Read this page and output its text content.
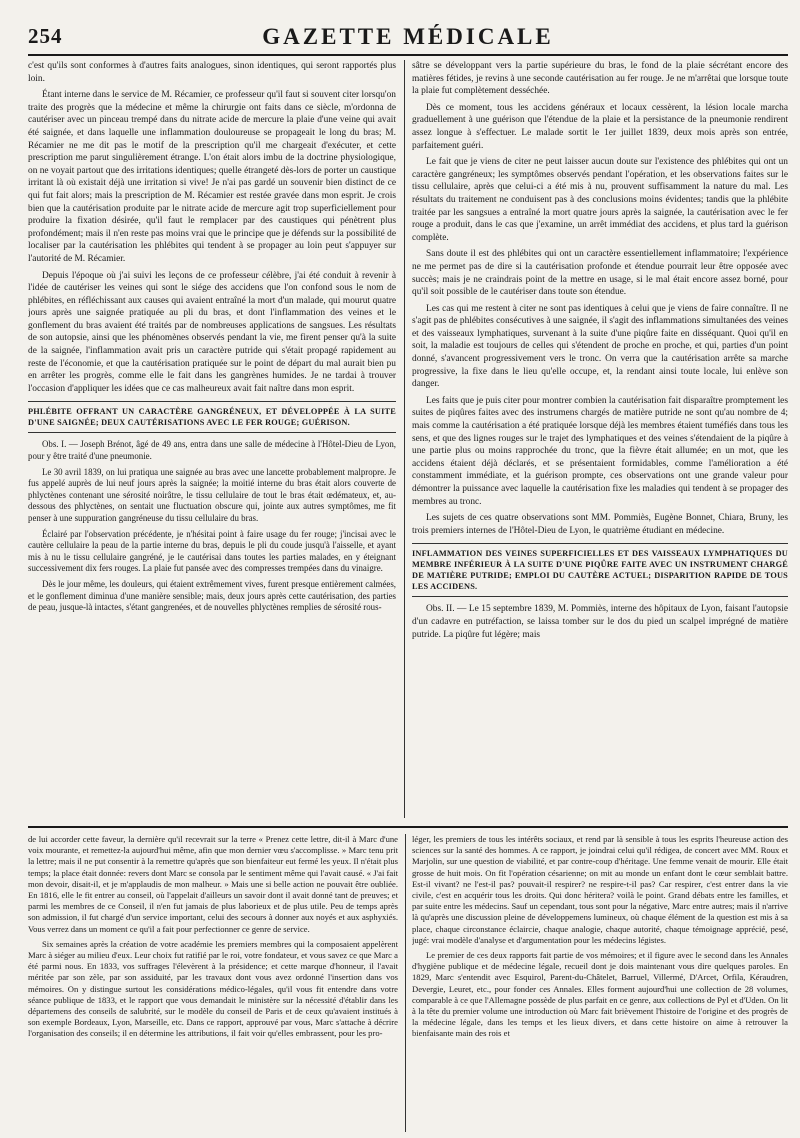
254	GAZETTE MÉDICALE

c'est qu'ils sont conformes à d'autres faits analogues, sinon identiques, qui seront rapportés plus loin.

Étant interne dans le service de M. Récamier, ce professeur qu'il faut si souvent citer lorsqu'on traite des progrès que la médecine et même la chirurgie ont faits dans ce siècle, m'ordonna de cautériser avec un pinceau trempé dans du nitrate acide de mercure la plaie d'une veine qui avait été saignée, et dans laquelle une inflammation douloureuse se propageait le long du bras; M. Récamier ne me dit pas le motif de la prescription qu'il me chargeait d'exécuter, et cette prescription me parut singulièrement étrange. L'on était alors imbu de la doctrine physiologique, on ne voyait partout que des irritations identiques; quelle étrangeté dès-lors de porter un caustique irritant là où existait déjà une irritation si vive! Je n'ai pas gardé un souvenir bien distinct de ce qui fut fait alors; mais la prescription de M. Récamier est restée gravée dans mon esprit. Je crois bien que la cautérisation produite par le nitrate acide de mercure agit trop superficiellement pour produire la fixation désirée, qu'il faut le remplacer par des caustiques qui pénètrent plus profondément; mais il n'en reste pas moins vrai que le principe que je défends sur la possibilité de localiser par la cautérisation les phlébites qui tendent à se propager au loin peut s'appuyer sur l'autorité de M. Récamier.

Depuis l'époque où j'ai suivi les leçons de ce professeur célèbre, j'ai été conduit à revenir à l'idée de cautériser les veines qui sont le siége des accidens que l'on confond sous le nom de phlébites, en réfléchissant aux causes qui avaient entraîné la mort d'un malade, qui mourut quatre jours après une saignée pratiquée au pli du bras, et dont l'inflammation des veines et le gonflement du bras avaient été traités par de nombreuses applications de sangsues. Les résultats de son autopsie, ainsi que les phénomènes observés pendant la vie, me firent penser qu'à la suite de la saignée, l'inflammation avait pris un caractère putride qui s'était propagé rapidement au reste de l'économie, et que la cautérisation pratiquée sur le point de départ du mal aurait bien pu en arrêter les progrès, comme elle le fait dans les gangrènes humides. Je ne tardai à trouver l'occasion d'appliquer les idées que ce cas malheureux avait fait naître dans mon esprit.

PHLÉBITE OFFRANT UN CARACTÈRE GANGRÉNEUX, ET DÉVELOPPÉE À LA SUITE D'UNE SAIGNÉE; DEUX CAUTÉRISATIONS AVEC LE FER ROUGE; GUÉRISON.

Obs. I. — Joseph Brénot, âgé de 49 ans, entra dans une salle de médecine à l'Hôtel-Dieu de Lyon, pour y être traité d'une pneumonie.

Le 30 avril 1839, on lui pratiqua une saignée au bras avec une lancette probablement malpropre. Je fus appelé auprès de lui neuf jours après la saignée; la moitié interne du bras était alors couverte de phlyctènes contenant une sérosité noirâtre, le tissu cellulaire de tout le bras était œdémateux, et, au-dessous des phlyctènes, on sentait une fluctuation obscure qui, jointe aux autres symptômes, me fit penser à une suppuration gangréneuse du tissu cellulaire du bras.

Éclairé par l'observation précédente, je n'hésitai point à faire usage du fer rouge; j'incisai avec le cautère cellulaire la peau de la partie interne du bras, depuis le pli du coude jusqu'à l'aisselle, et ayant mis à nu le tissu cellulaire gangréné, je le cautérisai dans toutes les parties malades, en y éteignant successivement dix fers rouges. La plaie fut pansée avec des compresses trempées dans du vinaigre.

Dès le jour même, les douleurs, qui étaient extrêmement vives, furent presque entièrement calmées, et le gonflement diminua d'une manière sensible; mais, deux jours après cette cautérisation, des parties de peau, jusque-là intactes, s'étant gangrenées, et de nouvelles phlyctènes remplies de sérosité rous-

sâtre se développant vers la partie supérieure du bras, le fond de la plaie sécrétant encore des matières fétides, je revins à une seconde cautérisation au fer rouge. Je ne m'arrêtai que lorsque toute la plaie fut complètement desséchée.

Dès ce moment, tous les accidens généraux et locaux cessèrent, la lésion locale marcha graduellement à une guérison que l'étendue de la plaie et la persistance de la pneumonie rendirent assez longue à s'effectuer. Le malade sortit le 1er juillet 1839, deux mois après son entrée, parfaitement guéri.

Le fait que je viens de citer ne peut laisser aucun doute sur l'existence des phlébites qui ont un caractère gangréneux; les symptômes observés pendant l'opération, et les observations faites sur le tissu cellulaire, après que celui-ci a été mis à nu, prouvent suffisamment la nature du mal. Les résultats du traitement ne conduisent pas à des conclusions moins évidentes; tandis que la phlébite traitée par les sangsues a entraîné la mort quatre jours après la saignée, la cautérisation avec le fer rouge a produit, dans le cas que j'examine, un arrêt immédiat des accidens, et plus tard la guérison complète.

Sans doute il est des phlébites qui ont un caractère essentiellement inflammatoire; l'expérience ne me permet pas de dire si la cautérisation profonde et étendue pourrait leur être opposée avec succès; mais je ne craindrais point de la mettre en usage, si le mal était encore assez borné, pour qu'il soit possible de le cautériser dans toute son étendue.

Les cas qui me restent à citer ne sont pas identiques à celui que je viens de faire connaître. Il ne s'agit pas de phlébites consécutives à une saignée, il s'agit des inflammations simultanées des veines et des vaisseaux lymphatiques, survenant à la suite d'une piqûre faite en disséquant. Quoi qu'il en soit, la maladie est toujours de celles qui s'étendent de proche en proche, et qui, parties d'un point donné, s'avancent progressivement vers le tronc. On verra que la cautérisation arrête sa marche progressive, la fixe dans le lieu qu'elle occupe, et, la rendant ainsi toute locale, lui enlève son danger.

Les faits que je puis citer pour montrer combien la cautérisation fait disparaître promptement les suites de piqûres faites avec des instrumens chargés de matière putride ne sont qu'au nombre de 4; mais comme la cautérisation a été pratiquée lorsque déjà les membres étaient tuméfiés dans tous les sens, et que des lignes rouges sur le trajet des lymphatiques et des veines s'étendaient de la piqûre à une partie plus ou moins rapprochée du tronc, que la fièvre était allumée; en un mot, que les accidens étaient déjà déclarés, et se présentaient formidables, comme l'amélioration a été constamment immédiate, et la guérison prompte, ces observations ont une grande valeur pour démontrer la puissance avec laquelle la cautérisation fixe les maladies qui tendent à se propager des membres au tronc.

Les sujets de ces quatre observations sont MM. Pommiès, Eugène Bonnet, Chiara, Bruny, les trois premiers internes de l'Hôtel-Dieu de Lyon, le quatrième étudiant en médecine.

INFLAMMATION DES VEINES SUPERFICIELLES ET DES VAISSEAUX LYMPHATIQUES DU MEMBRE INFÉRIEUR À LA SUITE D'UNE PIQÛRE FAITE AVEC UN INSTRUMENT CHARGÉ DE MATIÈRE PUTRIDE; EMPLOI DU CAUTÈRE ACTUEL; DISPARITION RAPIDE DE TOUS LES ACCIDENS.

Obs. II. — Le 15 septembre 1839, M. Pommiès, interne des hôpitaux de Lyon, faisant l'autopsie d'un cadavre en putréfaction, se laissa tomber sur le dos du pied un scalpel imprégné de matière putride. La piqûre fut légère; mais

de lui accorder cette faveur, la dernière qu'il recevrait sur la terre « Prenez cette lettre, dit-il à Marc d'une voix mourante, et remettez-la aujourd'hui même, afin que mon dernier vœu s'accomplisse. » Marc tenu prit la lettre; mais il ne put consentir à la remettre qu'après que son bienfaiteur eut fermé les yeux. Il n'était plus temps; la place était donnée: revers dont Marc se consola par le sentiment même qui l'avait causé. « J'ai fait mon devoir, disait-il, et je m'applaudis de mon malheur. » Mais une si belle action ne pouvait être oubliée. En 1816, elle le fit entrer au conseil, où l'appelait d'ailleurs un savoir dont il avait donné tant de preuves; et parmi les membres de ce Conseil, il n'en fut jamais de plus laborieux et de plus utile. Peu de temps après son admission, il fut chargé d'un service important, celui des secours à donner aux noyés et aux asphyxiés. Vous verrez dans un moment ce qu'il a fait pour perfectionner ce genre de service.

Six semaines après la création de votre académie les premiers membres qui la composaient appelèrent Marc à siéger au milieu d'eux. Leur choix fut ratifié par le roi, votre fondateur, et vous savez ce que Marc a été parmi nous. En 1833, vos suffrages l'élevèrent à la présidence; et cette marque d'honneur, il l'avait méritée par son zèle, par son assiduité, par les travaux dont vous avez ordonné l'insertion dans vos mémoires. On y distingue surtout les considérations médico-légales, qu'il vous fit entendre dans votre séance publique de 1833, et le rapport que vous demandait le ministère sur la nécessité d'établir dans les départemens des conseils de salubrité, sur le modèle du conseil de Paris et de ceux qu'avaient institués à son exemple Bordeaux, Lyon, Marseille, etc. Dans ce rapport, approuvé par vous, Marc s'attache à décrire l'organisation des conseils; il en détermine les attributions, il fait voir qu'elles embrassent, pour les pro-

léger, les premiers de tous les intérêts sociaux, et rend par là sensible à tous les esprits l'heureuse action des sciences sur la santé des hommes. A ce rapport, je joindrai celui qu'il rédigea, de concert avec MM. Roux et Marjolin, sur une question de viabilité, et par contre-coup d'héritage. Une femme venait de mourir. Elle était grosse de huit mois. On fit l'opération césarienne; on mit au monde un enfant dont le cœur semblait battre. Est-il vivant? ne l'est-il pas? pouvait-il respirer? ne respire-t-il pas? Car respirer, c'est entrer dans la vie civile, c'est en acquérir tous les droits. Qui donc héritera? voilà le point. Grand débats entre les familles, et par suite entre les médecins. Sauf un cependant, tous sont pour la négative, Marc entre autres; mais il n'arrive là qu'après une discussion pleine de développemens lumineux, où chaque élément de la question est mis à sa place, chaque circonstance éclaircie, chaque analogie, chaque autorité, chaque témoignage apprécié, pesé, jugé: vrai modèle d'analyse et d'argumentation pour les médecins légistes.

Le premier de ces deux rapports fait partie de vos mémoires; et il figure avec le second dans les Annales d'hygiène publique et de médecine légale, recueil dont je dois maintenant vous dire quelques paroles. En 1829, Marc s'entendit avec Esquirol, Parent-du-Châtelet, Barruel, Villermé, D'Arcet, Orfila, Kéraudren, Devergie, Leuret, etc., pour fonder ces Annales. Elles forment aujourd'hui une collection de 28 volumes, comparable à ce que l'Allemagne possède de plus parfait en ce genre, aux collections de Pyl et d'Uden. On lit à la tête du premier volume une introduction où Marc fait brièvement l'histoire de l'origine et des progrès de la médecine légale, dans les temps et les lieux divers, et dans cette histoire on aime à retrouver la bienfaisante main des rois et
